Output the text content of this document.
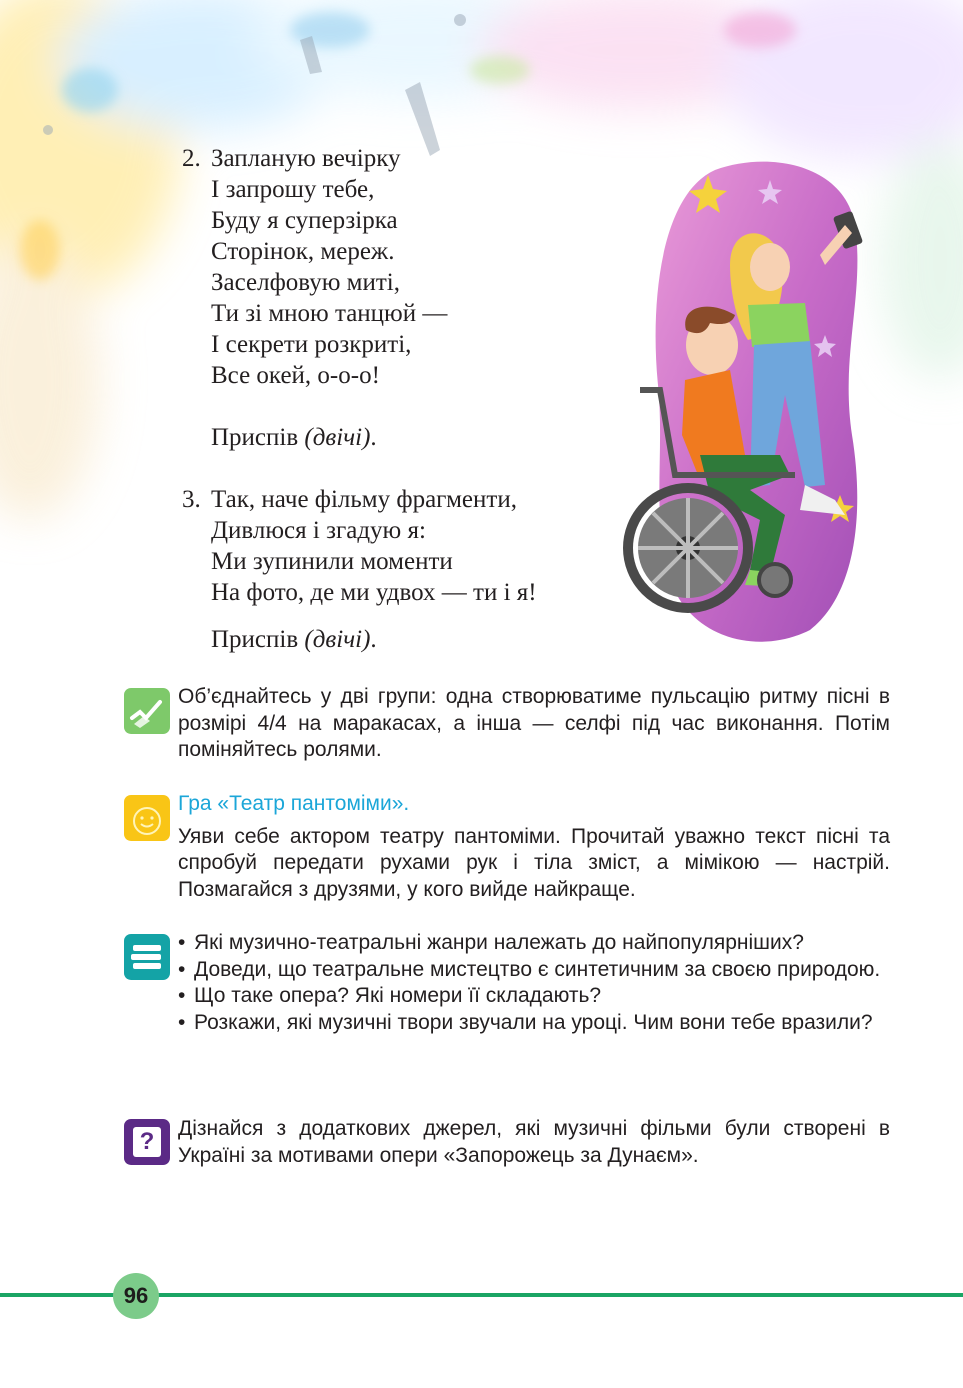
2. Запланую вечірку
І запрошу тебе,
Буду я суперзірка
Сторінок, мереж.
Заселфовую миті,
Ти зі мною танцюй —
І секрети розкриті,
Все окей, о-о-о!
Приспів (двічі).
3. Так, наче фільму фрагменти,
Дивлюся і згадую я:
Ми зупинили моменти
На фото, де ми удвох — ти і я!
Приспів (двічі).
Об’єднайтесь у дві групи: одна створюватиме пульсацію ритму пісні в розмірі 4/4 на маракасах, а інша — селфі під час виконання. Потім поміняйтесь ролями.
Гра «Театр пантоміми».
Уяви себе актором театру пантоміми. Прочитай уважно текст пісні та спробуй передати рухами рук і тіла зміст, а мімікою — настрій. Позмагайся з друзями, у кого вийде найкраще.
• Які музично-театральні жанри належать до найпопулярніших?
• Доведи, що театральне мистецтво є синтетичним за своєю природою.
• Що таке опера? Які номери її складають?
• Розкажи, які музичні твори звучали на уроці. Чим вони тебе вразили?
?	Дізнайся з додаткових джерел, які музичні фільми були створені в Україні за мотивами опери «Запорожець за Дунаєм».
96
